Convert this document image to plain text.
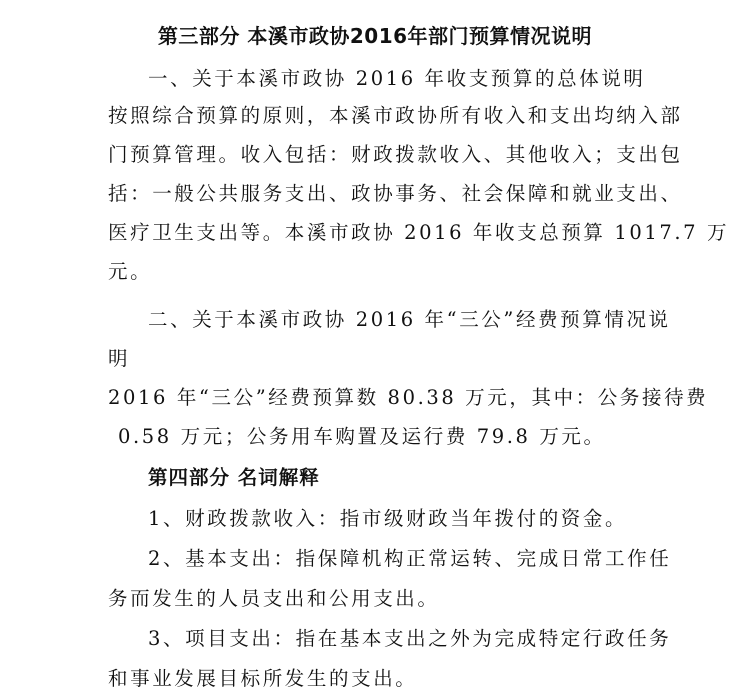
第三部分 本溪市政协2016年部门预算情况说明
一、关于本溪市政协 2016 年收支预算的总体说明
按照综合预算的原则，本溪市政协所有收入和支出均纳入部
门预算管理。收入包括：财政拨款收入、其他收入；支出包
括：一般公共服务支出、政协事务、社会保障和就业支出、
医疗卫生支出等。本溪市政协 2016 年收支总预算 1017.7 万
元。
二、关于本溪市政协 2016 年“三公”经费预算情况说
明
2016 年“三公”经费预算数 80.38 万元，其中：公务接待费
0.58 万元；公务用车购置及运行费 79.8 万元。
第四部分 名词解释
1、财政拨款收入：指市级财政当年拨付的资金。
2、基本支出：指保障机构正常运转、完成日常工作任
务而发生的人员支出和公用支出。
3、项目支出：指在基本支出之外为完成特定行政任务
和事业发展目标所发生的支出。
